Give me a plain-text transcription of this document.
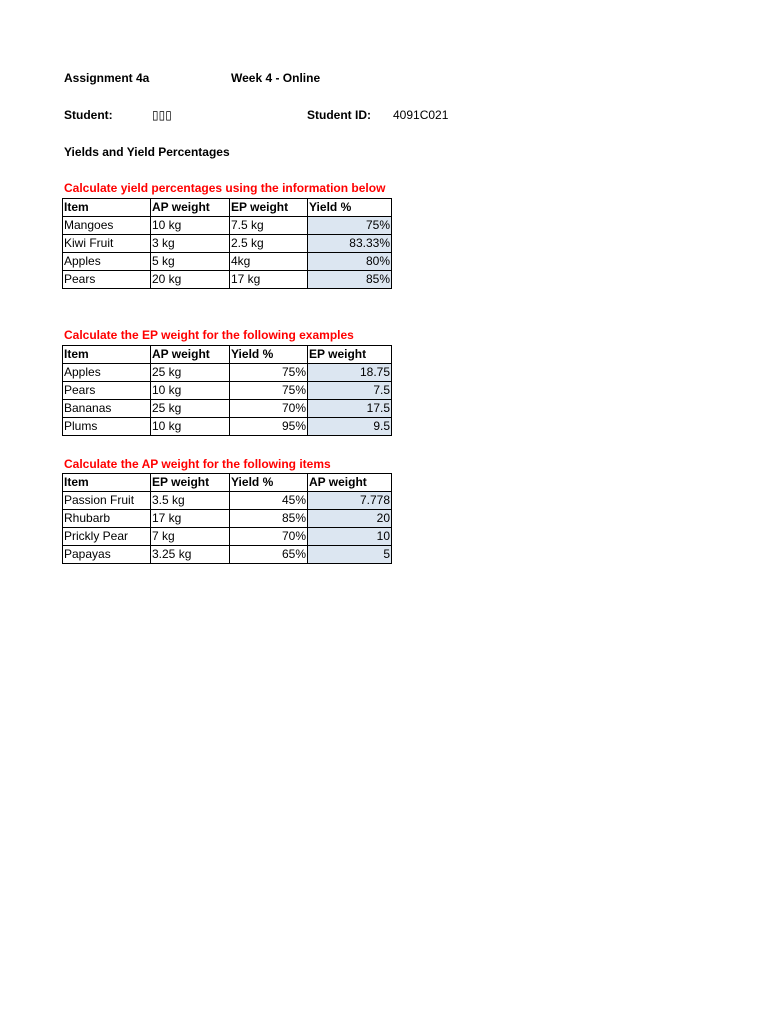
Assignment 4a	Week 4 - Online
Student:	▯▯▯	Student ID: 4091C021
Yields and Yield Percentages
Calculate yield percentages using the information below
Item	AP weight	EP weight	Yield %
Mangoes	10 kg	7.5 kg	75%
Kiwi Fruit	3 kg	2.5 kg	83.33%
Apples	5 kg	4kg	80%
Pears	20 kg	17 kg	85%
Calculate the EP weight for the following examples
Item	AP weight	Yield %	EP weight
Apples	25 kg	75%	18.75
Pears	10 kg	75%	7.5
Bananas	25 kg	70%	17.5
Plums	10 kg	95%	9.5
Calculate the AP weight for the following items
Item	EP weight	Yield %	AP weight
Passion Fruit	3.5 kg	45%	7.778
Rhubarb	17 kg	85%	20
Prickly Pear	7 kg	70%	10
Papayas	3.25 kg	65%	5
